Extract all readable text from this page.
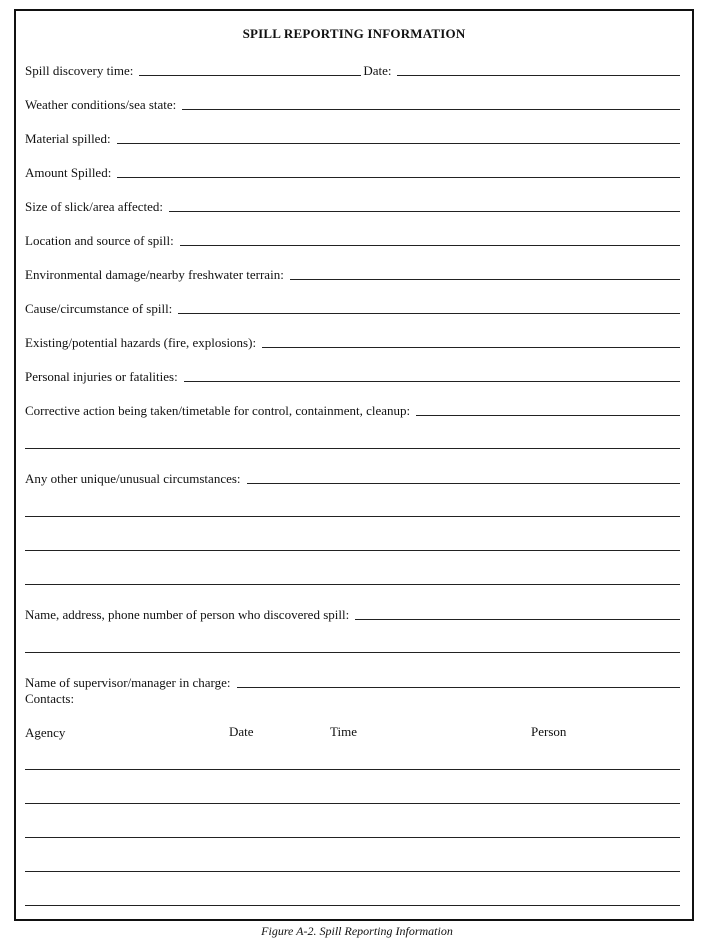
SPILL REPORTING INFORMATION
Spill discovery time:	Date:
Weather conditions/sea state:
Material spilled:
Amount Spilled:
Size of slick/area affected:
Location and source of spill:
Environmental damage/nearby freshwater terrain:
Cause/circumstance of spill:
Existing/potential hazards (fire, explosions):
Personal injuries or fatalities:
Corrective action being taken/timetable for control, containment, cleanup:
Any other unique/unusual circumstances:
Name, address, phone number of person who discovered spill:
Name of supervisor/manager in charge:
Contacts:
Agency	Date	Time	Person
Figure A-2. Spill Reporting Information
